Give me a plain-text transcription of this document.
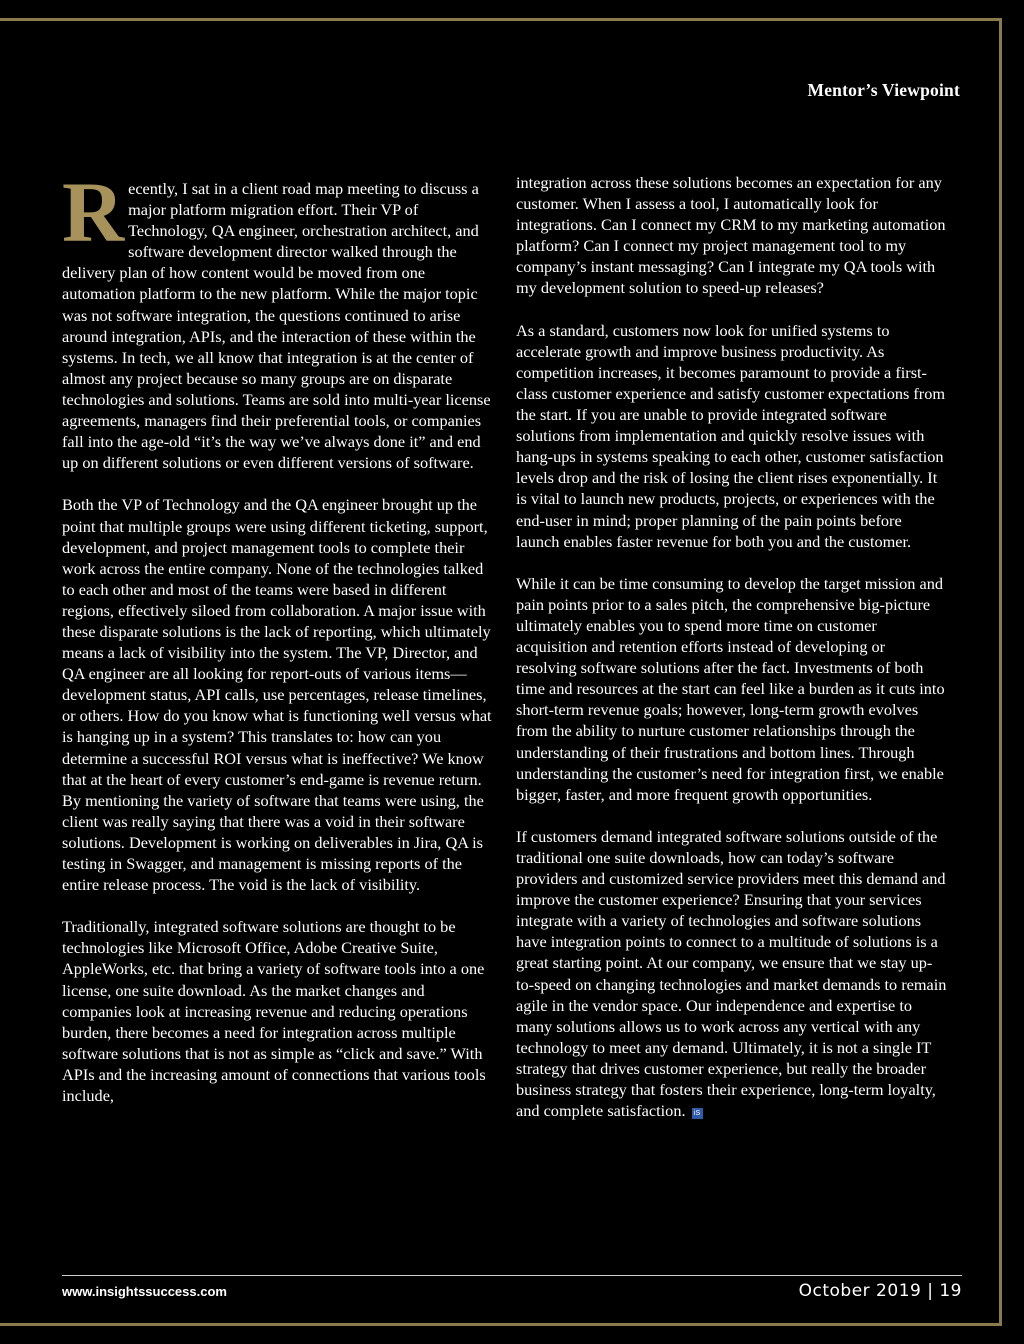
Mentor’s Viewpoint

Recently, I sat in a client road map meeting to discuss a major platform migration effort. Their VP of Technology, QA engineer, orchestration architect, and software development director walked through the delivery plan of how content would be moved from one automation platform to the new platform. While the major topic was not software integration, the questions continued to arise around integration, APIs, and the interaction of these within the systems. In tech, we all know that integration is at the center of almost any project because so many groups are on disparate technologies and solutions. Teams are sold into multi-year license agreements, managers find their preferential tools, or companies fall into the age-old “it’s the way we’ve always done it” and end up on different solutions or even different versions of software.

Both the VP of Technology and the QA engineer brought up the point that multiple groups were using different ticketing, support, development, and project management tools to complete their work across the entire company. None of the technologies talked to each other and most of the teams were based in different regions, effectively siloed from collaboration. A major issue with these disparate solutions is the lack of reporting, which ultimately means a lack of visibility into the system. The VP, Director, and QA engineer are all looking for report-outs of various items—development status, API calls, use percentages, release timelines, or others. How do you know what is functioning well versus what is hanging up in a system? This translates to: how can you determine a successful ROI versus what is ineffective? We know that at the heart of every customer’s end-game is revenue return. By mentioning the variety of software that teams were using, the client was really saying that there was a void in their software solutions. Development is working on deliverables in Jira, QA is testing in Swagger, and management is missing reports of the entire release process. The void is the lack of visibility.

Traditionally, integrated software solutions are thought to be technologies like Microsoft Office, Adobe Creative Suite, AppleWorks, etc. that bring a variety of software tools into a one license, one suite download. As the market changes and companies look at increasing revenue and reducing operations burden, there becomes a need for integration across multiple software solutions that is not as simple as “click and save.” With APIs and the increasing amount of connections that various tools include,

integration across these solutions becomes an expectation for any customer. When I assess a tool, I automatically look for integrations. Can I connect my CRM to my marketing automation platform? Can I connect my project management tool to my company’s instant messaging? Can I integrate my QA tools with my development solution to speed-up releases?

As a standard, customers now look for unified systems to accelerate growth and improve business productivity. As competition increases, it becomes paramount to provide a first-class customer experience and satisfy customer expectations from the start. If you are unable to provide integrated software solutions from implementation and quickly resolve issues with hang-ups in systems speaking to each other, customer satisfaction levels drop and the risk of losing the client rises exponentially. It is vital to launch new products, projects, or experiences with the end-user in mind; proper planning of the pain points before launch enables faster revenue for both you and the customer.

While it can be time consuming to develop the target mission and pain points prior to a sales pitch, the comprehensive big-picture ultimately enables you to spend more time on customer acquisition and retention efforts instead of developing or resolving software solutions after the fact. Investments of both time and resources at the start can feel like a burden as it cuts into short-term revenue goals; however, long-term growth evolves from the ability to nurture customer relationships through the understanding of their frustrations and bottom lines. Through understanding the customer’s need for integration first, we enable bigger, faster, and more frequent growth opportunities.

If customers demand integrated software solutions outside of the traditional one suite downloads, how can today’s software providers and customized service providers meet this demand and improve the customer experience? Ensuring that your services integrate with a variety of technologies and software solutions have integration points to connect to a multitude of solutions is a great starting point. At our company, we ensure that we stay up-to-speed on changing technologies and market demands to remain agile in the vendor space. Our independence and expertise to many solutions allows us to work across any vertical with any technology to meet any demand. Ultimately, it is not a single IT strategy that drives customer experience, but really the broader business strategy that fosters their experience, long-term loyalty, and complete satisfaction. iS

www.insightssuccess.com	October 2019 | 19
